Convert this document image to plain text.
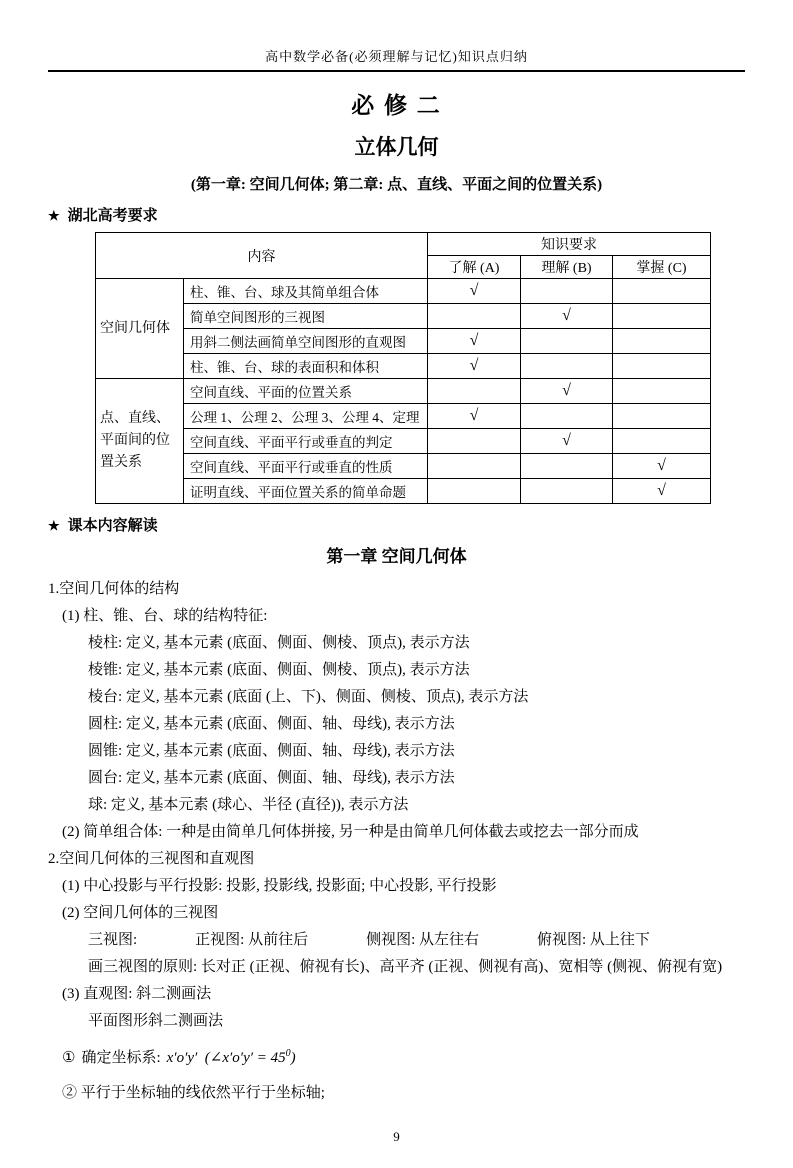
高中数学必备(必须理解与记忆)知识点归纳
必 修 二
立体几何
(第一章: 空间几何体; 第二章: 点、直线、平面之间的位置关系)
★ 湖北高考要求
内容		知识要求		
		了解 (A)	理解 (B)	掌握 (C)
空间几何体	柱、锥、台、球及其简单组合体	√		
	简单空间图形的三视图		√	
	用斜二侧法画简单空间图形的直观图	√		
	柱、锥、台、球的表面积和体积	√		
点、直线、平面间的位置关系	空间直线、平面的位置关系		√	
	公理 1、公理 2、公理 3、公理 4、定理	√		
	空间直线、平面平行或垂直的判定		√	
	空间直线、平面平行或垂直的性质			√
	证明直线、平面位置关系的简单命题			√
★ 课本内容解读
第一章 空间几何体
1.空间几何体的结构
(1) 柱、锥、台、球的结构特征:
棱柱: 定义, 基本元素 (底面、侧面、侧棱、顶点), 表示方法
棱锥: 定义, 基本元素 (底面、侧面、侧棱、顶点), 表示方法
棱台: 定义, 基本元素 (底面 (上、下)、侧面、侧棱、顶点), 表示方法
圆柱: 定义, 基本元素 (底面、侧面、轴、母线), 表示方法
圆锥: 定义, 基本元素 (底面、侧面、轴、母线), 表示方法
圆台: 定义, 基本元素 (底面、侧面、轴、母线), 表示方法
球: 定义, 基本元素 (球心、半径 (直径)), 表示方法
(2) 简单组合体: 一种是由简单几何体拼接, 另一种是由简单几何体截去或挖去一部分而成
2.空间几何体的三视图和直观图
(1) 中心投影与平行投影: 投影, 投影线, 投影面; 中心投影, 平行投影
(2) 空间几何体的三视图
三视图:	正视图: 从前往后	侧视图: 从左往右	俯视图: 从上往下
画三视图的原则: 长对正 (正视、俯视有长)、高平齐 (正视、侧视有高)、宽相等 (侧视、俯视有宽)
(3) 直观图: 斜二测画法
平面图形斜二测画法
① 确定坐标系: x′o′y′ (∠x′o′y′ = $45^0$)
② 平行于坐标轴的线依然平行于坐标轴;
9
